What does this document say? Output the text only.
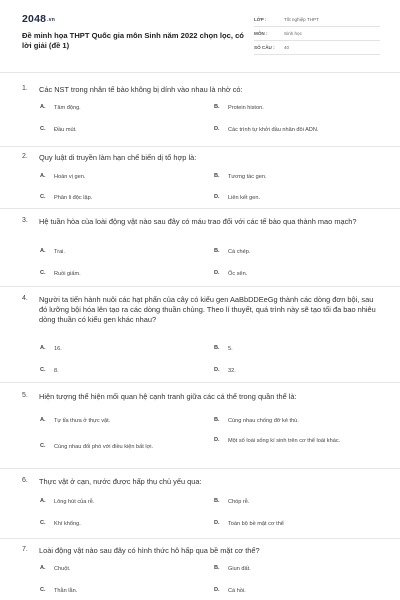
2048.vn
Đề minh họa THPT Quốc gia môn Sinh năm 2022 chọn lọc, có lời giải (đề 1)
LỚP :	Tốt nghiệp THPT
MÔN :	Sinh học
SỐ CÂU :	40
1.	Các NST trong nhân tế bào không bị dính vào nhau là nhờ có:
A.	Tâm động.	B.	Protein histon.
C.	Đầu mút.	D.	Các trình tự khởi đầu nhân đôi ADN.
2.	Quy luật di truyền làm hạn chế biến dị tổ hợp là:
A.	Hoán vị gen.	B.	Tương tác gen.
C.	Phân li độc lập.	D.	Liên kết gen.
3.	Hệ tuần hòa của loài động vật nào sau đây có máu trao đổi với các tế bào qua thành mao mạch?
A.	Trai.	B.	Cá chép.
C.	Ruồi giấm.	D.	Ốc sên.
4.	Người ta tiến hành nuôi các hạt phấn của cây có kiểu gen AaBbDDEeGg thành các dòng đơn bội, sau đó lưỡng bội hóa lên tạo ra các dòng thuần chủng. Theo lí thuyết, quá trình này sẽ tạo tối đa bao nhiêu dòng thuần có kiểu gen khác nhau?
A.	16.	B.	5.
C.	8.	D.	32.
5.	Hiện tượng thể hiện mối quan hệ cạnh tranh giữa các cá thể trong quần thể là:
A.	Tự tỉa thưa ở thực vật.	B.	Cùng nhau chống đỡ kẻ thù.
C.	Cùng nhau đối phó với điều kiện bất lợi.
D.	Một số loài sống kí sinh trên cơ thể loài khác.
6.	Thực vật ở cạn, nước được hấp thụ chủ yếu qua:
A.	Lông hút của rễ.	B.	Chóp rễ.
C.	Khí khổng.	D.	Toàn bộ bề mặt cơ thể
7.	Loài động vật nào sau đây có hình thức hô hấp qua bề mặt cơ thể?
A.	Chuột.	B.	Giun đất.
C.	Thằn lằn.	D.	Cá hồi.
